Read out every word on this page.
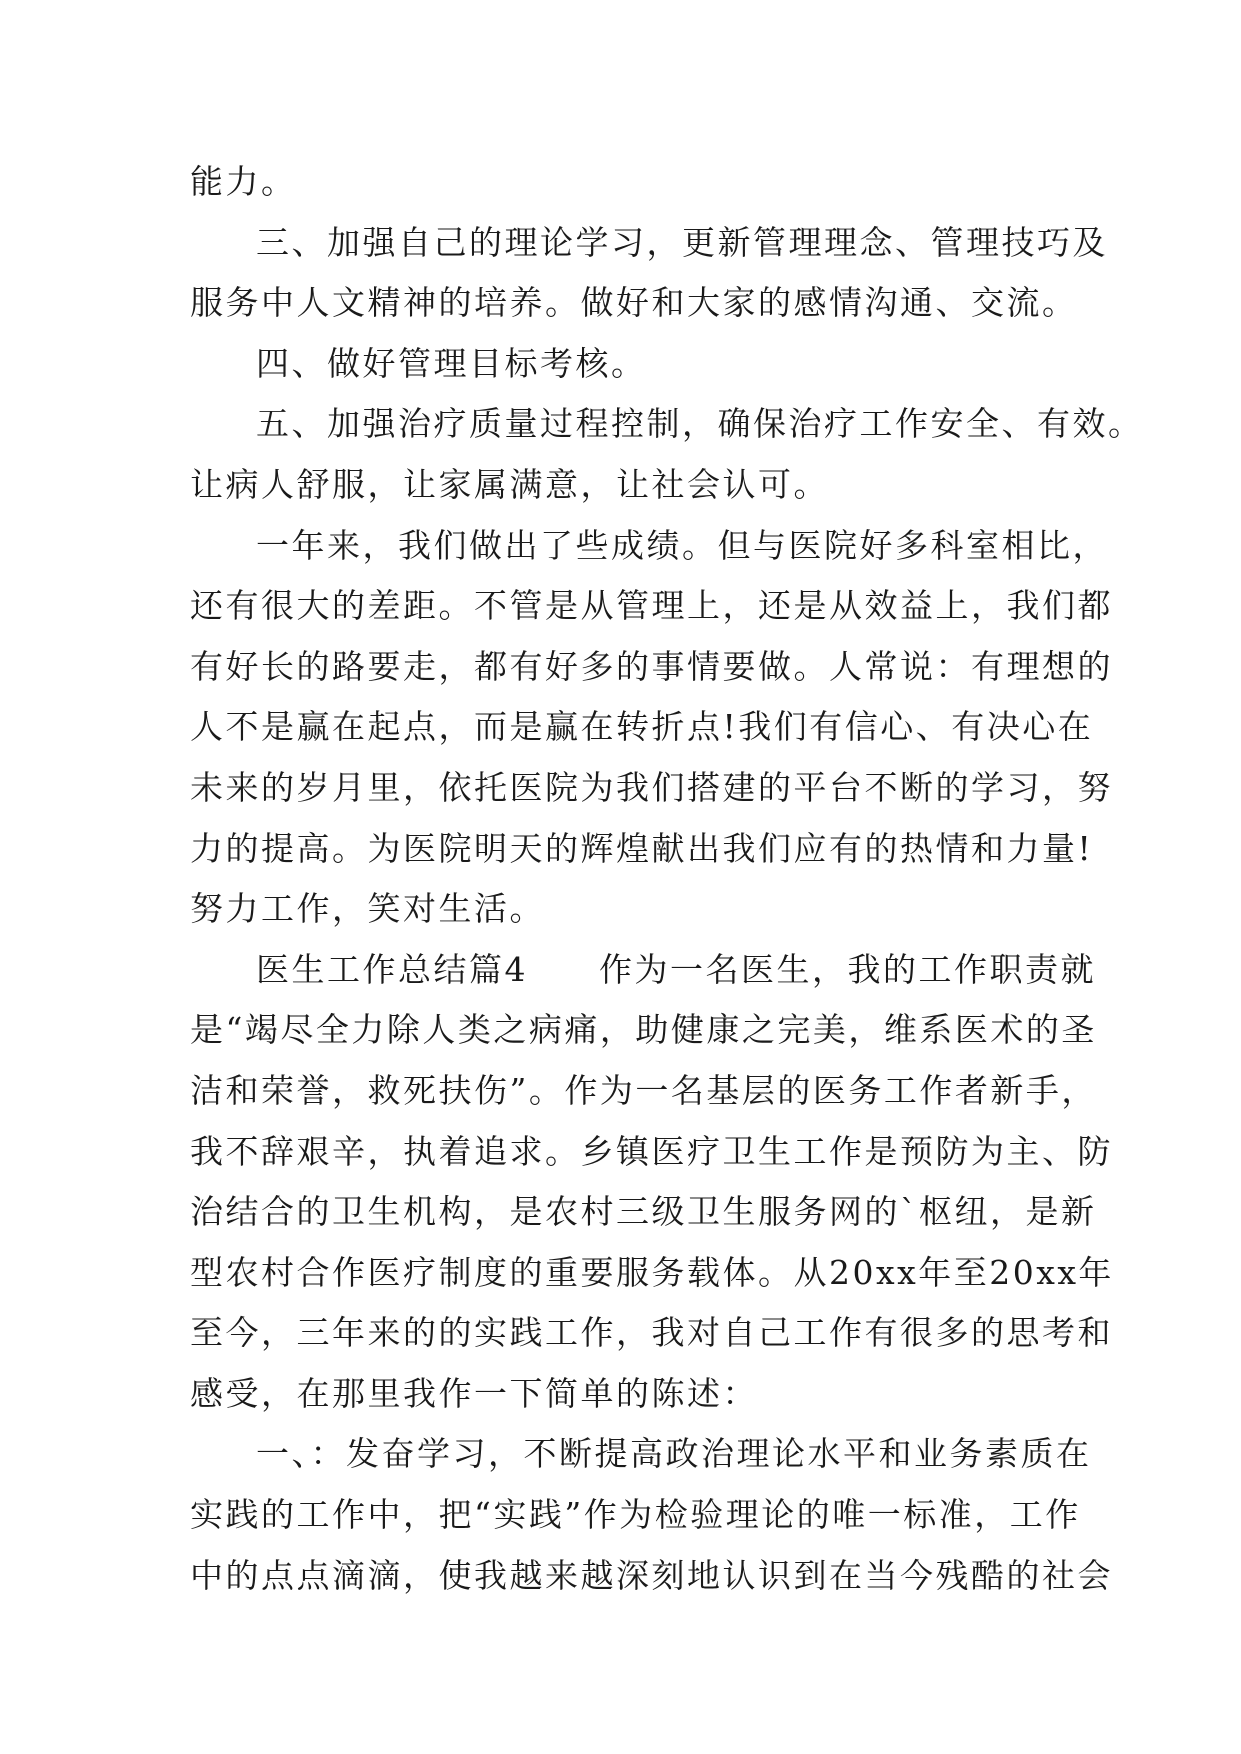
能力。
三、加强自己的理论学习，更新管理理念、管理技巧及
服务中人文精神的培养。做好和大家的感情沟通、交流。
四、做好管理目标考核。
五、加强治疗质量过程控制，确保治疗工作安全、有效。
让病人舒服，让家属满意，让社会认可。
一年来，我们做出了些成绩。但与医院好多科室相比，
还有很大的差距。不管是从管理上，还是从效益上，我们都
有好长的路要走，都有好多的事情要做。人常说：有理想的
人不是赢在起点，而是赢在转折点!我们有信心、有决心在
未来的岁月里，依托医院为我们搭建的平台不断的学习，努
力的提高。为医院明天的辉煌献出我们应有的热情和力量!
努力工作，笑对生活。
医生工作总结篇4　　作为一名医生，我的工作职责就
是“竭尽全力除人类之病痛，助健康之完美，维系医术的圣
洁和荣誉，救死扶伤”。作为一名基层的医务工作者新手，
我不辞艰辛，执着追求。乡镇医疗卫生工作是预防为主、防
治结合的卫生机构，是农村三级卫生服务网的`枢纽，是新
型农村合作医疗制度的重要服务载体。从20xx年至20xx年
至今，三年来的的实践工作，我对自己工作有很多的思考和
感受，在那里我作一下简单的陈述：
一、：发奋学习，不断提高政治理论水平和业务素质在
实践的工作中，把“实践”作为检验理论的唯一标准，工作
中的点点滴滴，使我越来越深刻地认识到在当今残酷的社会
